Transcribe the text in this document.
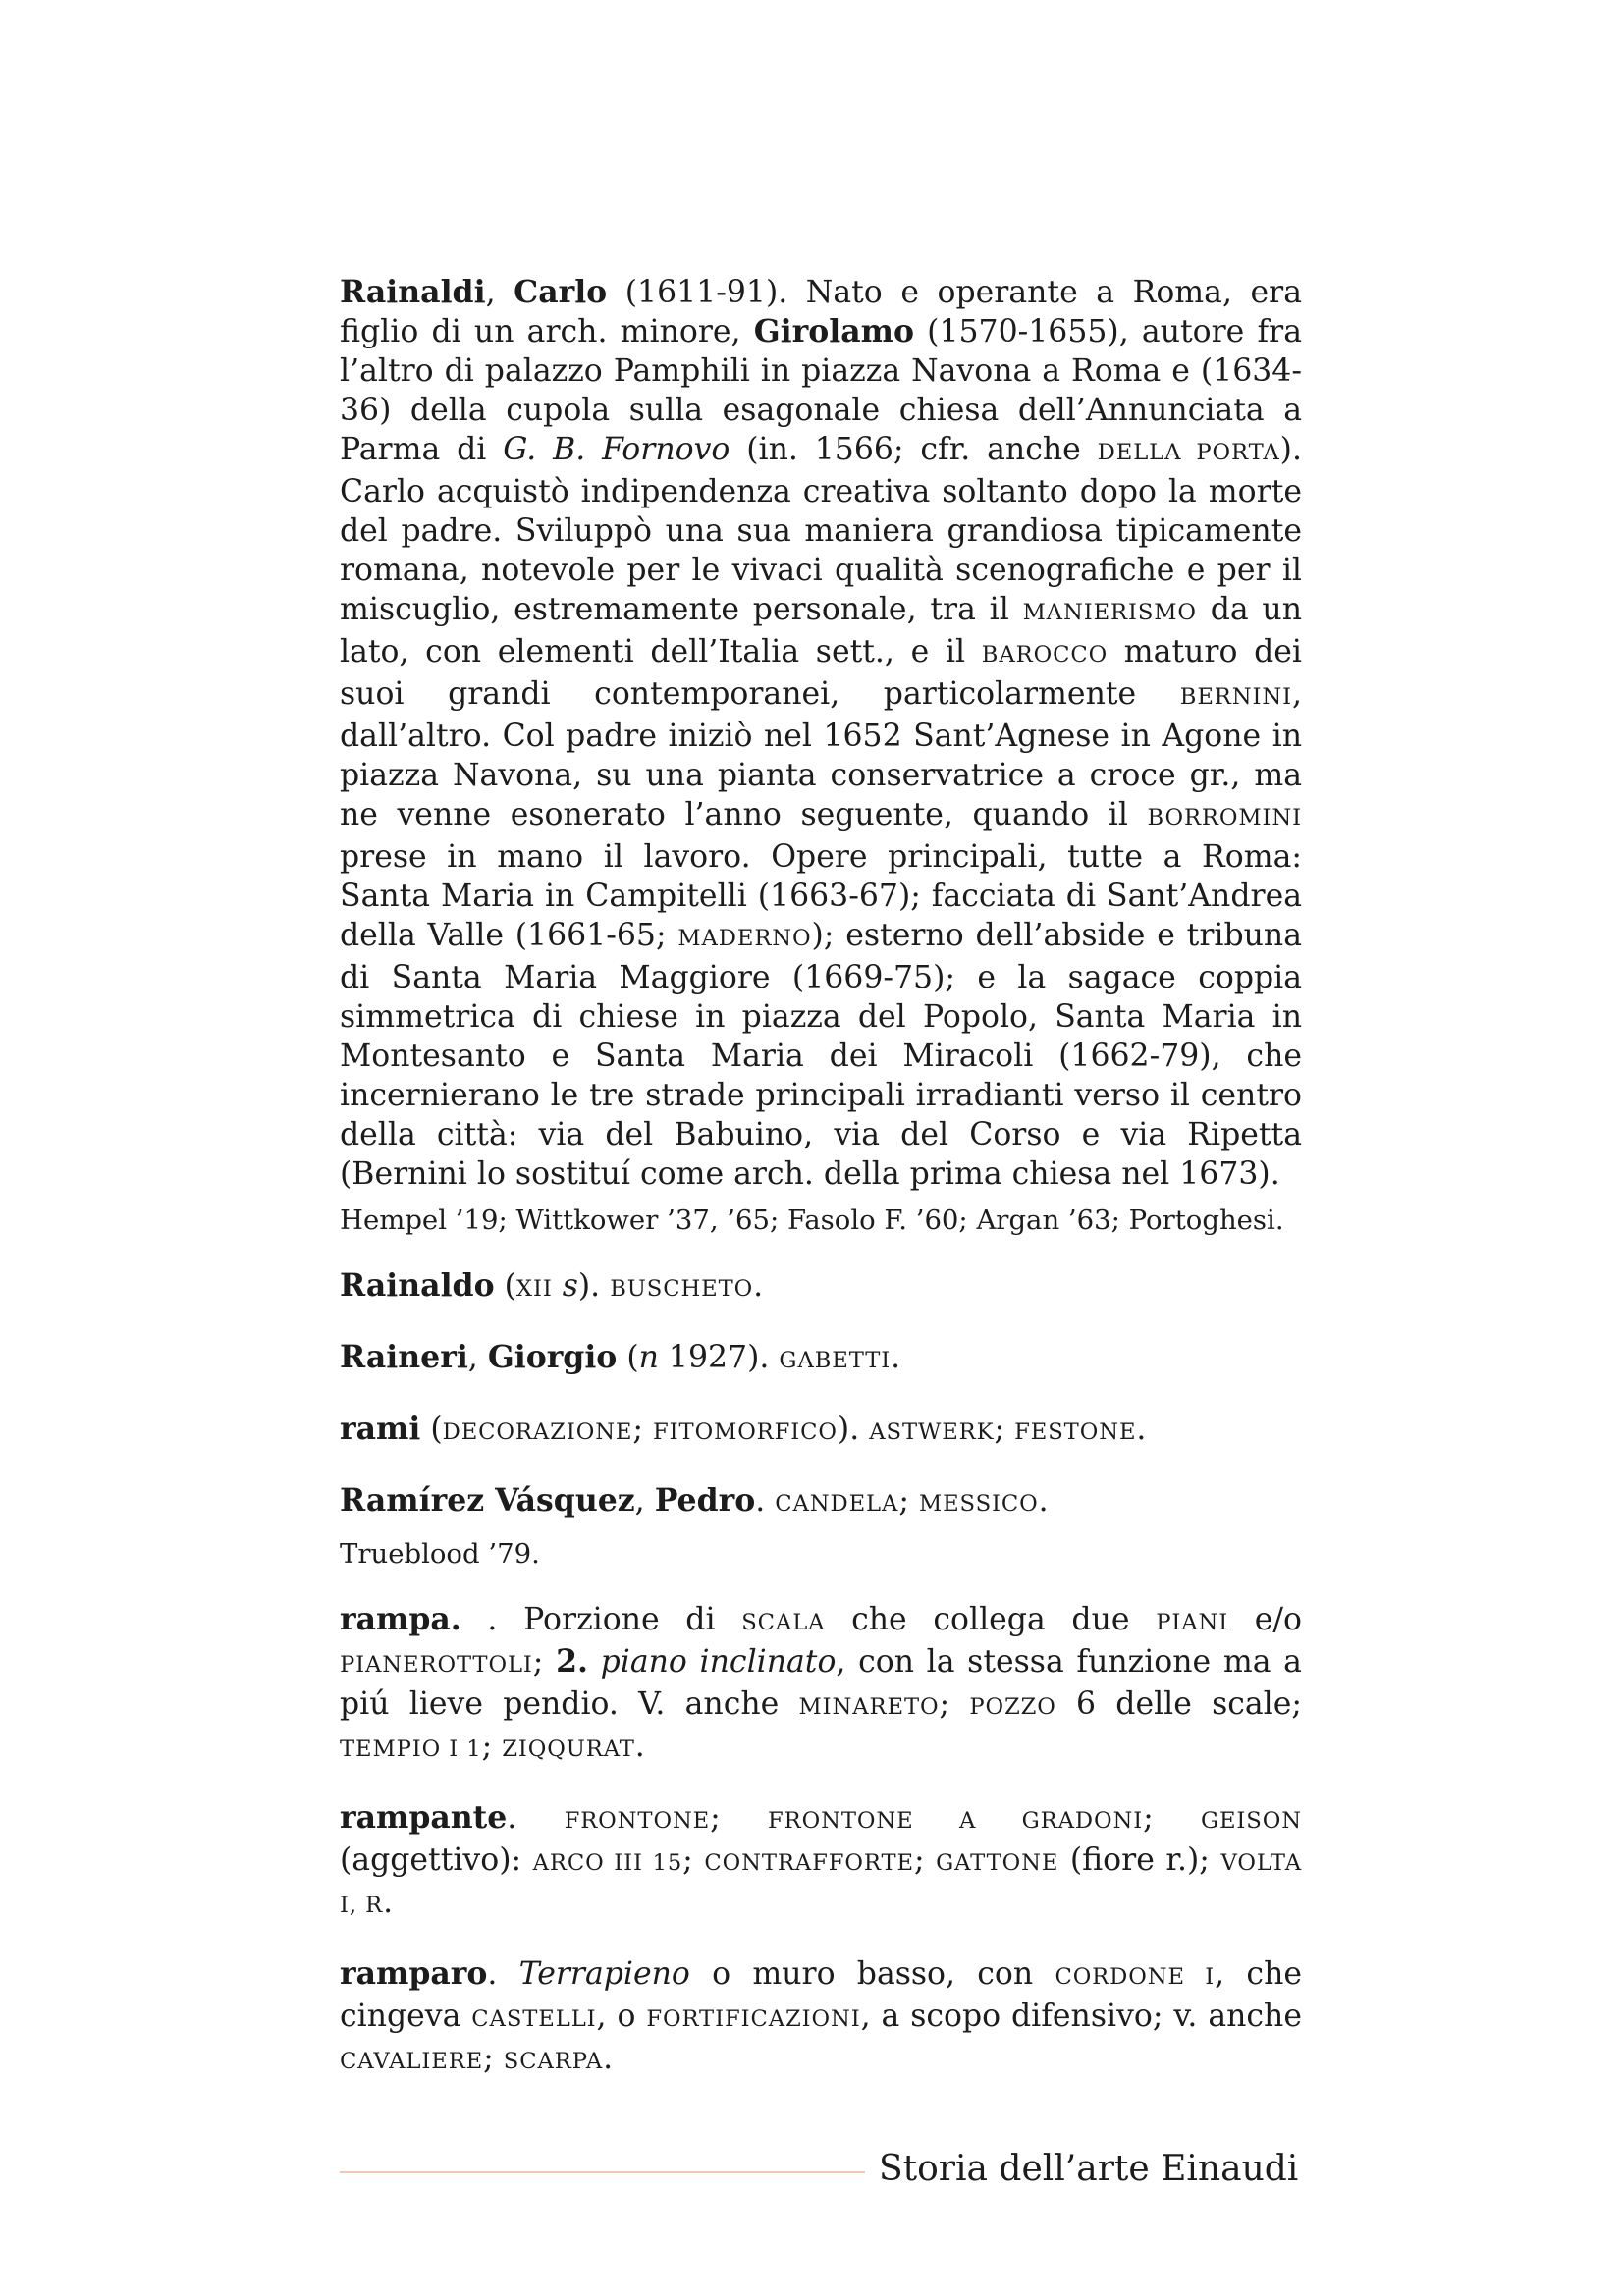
Rainaldi, Carlo (1611-91). Nato e operante a Roma, era figlio di un arch. minore, Girolamo (1570-1655), autore fra l’altro di palazzo Pamphili in piazza Navona a Roma e (1634-36) della cupola sulla esagonale chiesa dell’Annunciata a Parma di G. B. Fornovo (in. 1566; cfr. anche DELLA PORTA). Carlo acquistò indipendenza creativa soltanto dopo la morte del padre. Sviluppò una sua maniera grandiosa tipicamente romana, notevole per le vivaci qualità scenografiche e per il miscuglio, estremamente personale, tra il MANIERISMO da un lato, con elementi dell’Italia sett., e il BAROCCO maturo dei suoi grandi contemporanei, particolarmente BERNINI, dall’altro. Col padre iniziò nel 1652 Sant’Agnese in Agone in piazza Navona, su una pianta conservatrice a croce gr., ma ne venne esonerato l’anno seguente, quando il BORROMINI prese in mano il lavoro. Opere principali, tutte a Roma: Santa Maria in Campitelli (1663-67); facciata di Sant’Andrea della Valle (1661-65; MADERNO); esterno dell’abside e tribuna di Santa Maria Maggiore (1669-75); e la sagace coppia simmetrica di chiese in piazza del Popolo, Santa Maria in Montesanto e Santa Maria dei Miracoli (1662-79), che incernierano le tre strade principali irradianti verso il centro della città: via del Babuino, via del Corso e via Ripetta (Bernini lo sostituí come arch. della prima chiesa nel 1673).

Hempel ’19; Wittkower ’37, ’65; Fasolo F. ’60; Argan ’63; Portoghesi.

Rainaldo (XII s). BUSCHETO.

Raineri, Giorgio (n 1927). GABETTI.

rami (DECORAZIONE; FITOMORFICO). ASTWERK; FESTONE.

Ramírez Vásquez, Pedro. CANDELA; MESSICO.

Trueblood ’79.

rampa. . Porzione di SCALA che collega due PIANI e/o PIANEROTTOLI; 2. piano inclinato, con la stessa funzione ma a piú lieve pendio. V. anche MINARETO; POZZO 6 delle scale; TEMPIO I 1; ZIQQURAT.

rampante. FRONTONE; FRONTONE A GRADONI; GEISON (aggettivo): ARCO III 15; CONTRAFFORTE; GATTONE (fiore r.); VOLTA I, R.

ramparo. Terrapieno o muro basso, con CORDONE I, che cingeva CASTELLI, o FORTIFICAZIONI, a scopo difensivo; v. anche CAVALIERE; SCARPA.

Storia dell’arte Einaudi
